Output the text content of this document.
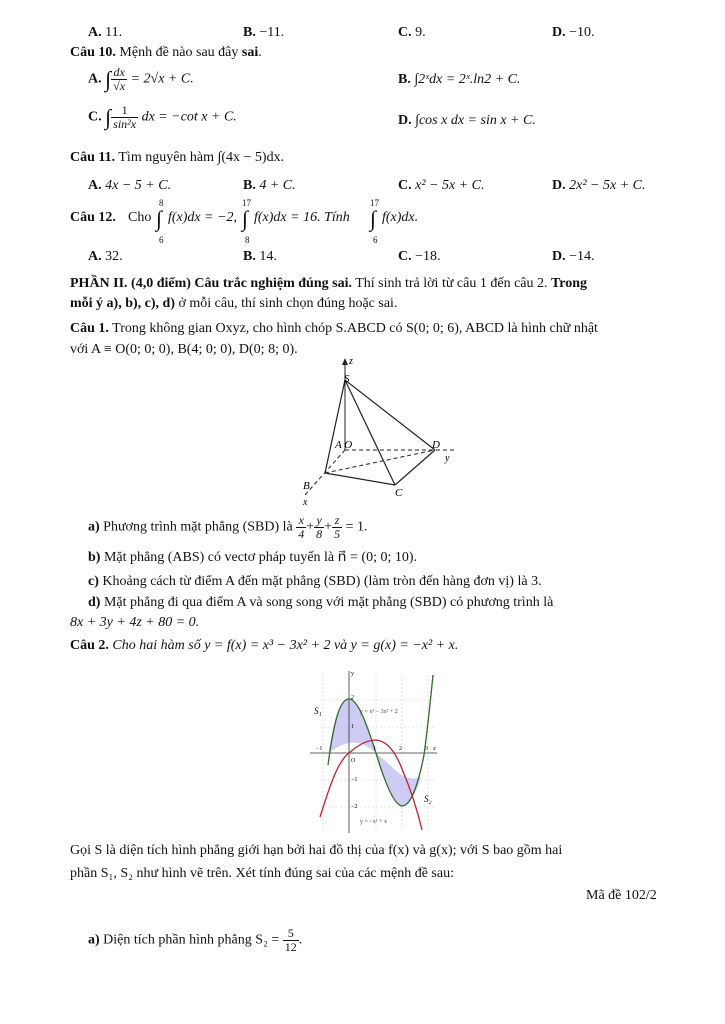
A. 11.	B. −11.	C. 9.	D. −10.
Câu 10. Mệnh đề nào sau đây sai.
A. ∫ $\frac{dx}{√x} = 2√x + C$.	B. ∫2ˣdx = 2ˣ.ln2 + C.
C. ∫ $\frac{1}{\text{sin²x}}$ dx = −cot x + C.	D. ∫cos x dx = sin x + C.
Câu 11. Tìm nguyên hàm ∫(4x − 5)dx.
A. 4x − 5 + C.	B. 4 + C.	C. x² − 5x + C.	D. 2x² − 5x + C.
Câu 12. Cho ∫
8
6
f(x)dx = −2, ∫
17
8
f(x)dx = 16. Tính ∫
17
6
f(x)dx.
A. 32.	B. 14.	C. −18.	D. −14.
PHẦN II. (4,0 điểm) Câu trắc nghiệm đúng sai. Thí sinh trả lời từ câu 1 đến câu 2. Trong
mỗi ý a), b), c), d) ở mỗi câu, thí sinh chọn đúng hoặc sai.
Câu 1. Trong không gian Oxyz, cho hình chóp S.ABCD có S(0; 0; 6), ABCD là hình chữ nhật
với A ≡ O(0; 0; 0), B(4; 0; 0), D(0; 8; 0).
z
S
A O	D
y
B
C
x
a) Phương trình mặt phẳng (SBD) là $\frac{x}{4} + \frac{y}{8} + \frac{z}{5} = 1$.
b) Mặt phẳng (ABS) có vectơ pháp tuyến là n⃗ = (0; 0; 10).
c) Khoảng cách từ điểm A đến mặt phẳng (SBD) (làm tròn đến hàng đơn vị) là 3.
d) Mặt phẳng đi qua điểm A và song song với mặt phẳng (SBD) có phương trình là
8x + 3y + 4z + 80 = 0.
Câu 2. Cho hai hàm số y = f(x) = x³ − 3x² + 2 và y = g(x) = −x² + x.
S₁
S₂
y = x³ − 3x² + 2
y = −x² + x
y
2
1
−1
−2
O
−1	1	2	3 x
Gọi S là diện tích hình phẳng giới hạn bởi hai đồ thị của f(x) và g(x); với S bao gồm hai
phần S₁, S₂ như hình vẽ trên. Xét tính đúng sai của các mệnh đề sau:
Mã đề 102/2
a) Diện tích phần hình phẳng $S_2 = \frac{5}{12}$ .
